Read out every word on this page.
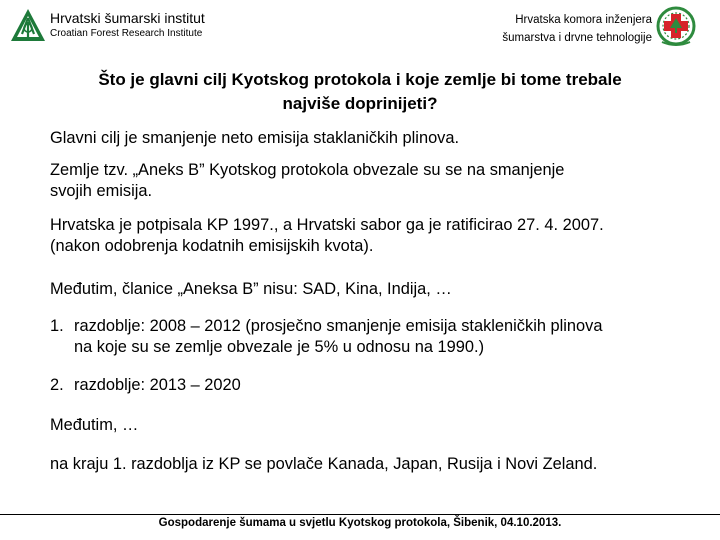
Hrvatski šumarski institut
Croatian Forest Research Institute
Hrvatska komora inženjera
šumarstva i drvne tehnologije
Što je glavni cilj Kyotskog protokola i koje zemlje bi tome trebale
najviše doprinijeti?
Glavni cilj je smanjenje neto emisija staklaničkih plinova.
Zemlje tzv. „Aneks B” Kyotskog protokola obvezale su se na smanjenje
svojih emisija.
Hrvatska je potpisala KP 1997., a Hrvatski sabor ga je ratificirao 27. 4. 2007.
(nakon odobrenja kodatnih emisijskih kvota).
Međutim, članice „Aneksa B” nisu: SAD, Kina, Indija, …
1. razdoblje: 2008 – 2012 (prosječno smanjenje emisija stakleničkih plinova
na koje su se zemlje obvezale je 5% u odnosu na 1990.)
2. razdoblje: 2013 – 2020
Međutim, …
na kraju 1. razdoblja iz KP se povlače Kanada, Japan, Rusija i Novi Zeland.
Gospodarenje šumama u svjetlu Kyotskog protokola, Šibenik, 04.10.2013.
